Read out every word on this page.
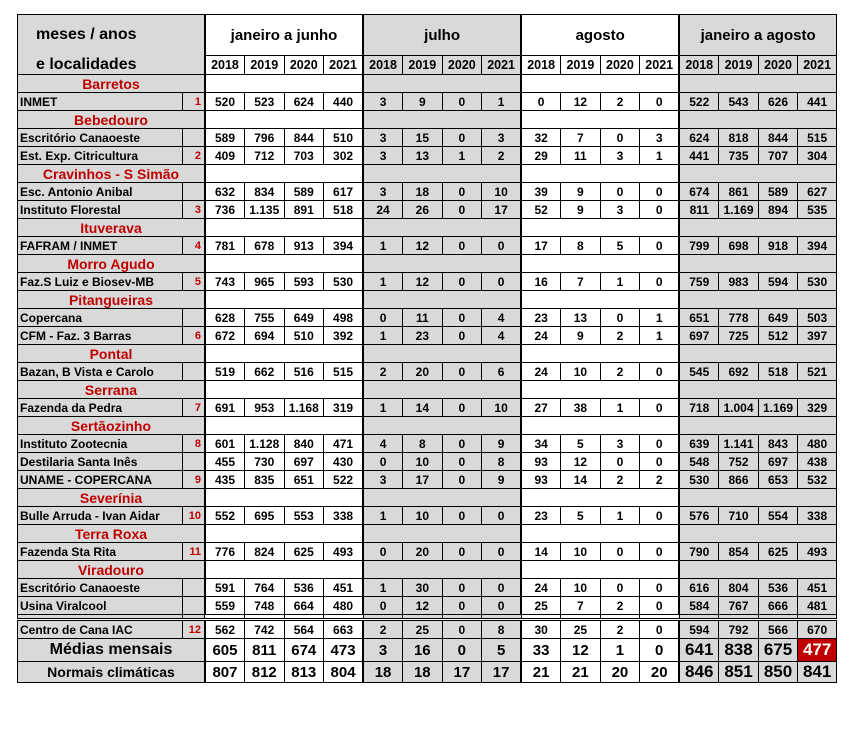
meses / anos		janeiro a junho				julho				agosto				janeiro a agosto			
e localidades		2018	2019	2020	2021	2018	2019	2020	2021	2018	2019	2020	2021	2018	2019	2020	2021
Barretos																	
INMET	1	520	523	624	440	3	9	0	1	0	12	2	0	522	543	626	441
Bebedouro																	
Escritório Canaoeste		589	796	844	510	3	15	0	3	32	7	0	3	624	818	844	515
Est. Exp. Citricultura	2	409	712	703	302	3	13	1	2	29	11	3	1	441	735	707	304
Cravinhos - S Simão																	
Esc. Antonio Anibal		632	834	589	617	3	18	0	10	39	9	0	0	674	861	589	627
Instituto Florestal	3	736	1.135	891	518	24	26	0	17	52	9	3	0	811	1.169	894	535
Ituverava																	
FAFRAM / INMET	4	781	678	913	394	1	12	0	0	17	8	5	0	799	698	918	394
Morro Agudo																	
Faz.S Luiz e Biosev-MB	5	743	965	593	530	1	12	0	0	16	7	1	0	759	983	594	530
Pitangueiras																	
Copercana		628	755	649	498	0	11	0	4	23	13	0	1	651	778	649	503
CFM - Faz. 3 Barras	6	672	694	510	392	1	23	0	4	24	9	2	1	697	725	512	397
Pontal																	
Bazan, B Vista e Carolo		519	662	516	515	2	20	0	6	24	10	2	0	545	692	518	521
Serrana																	
Fazenda da Pedra	7	691	953	1.168	319	1	14	0	10	27	38	1	0	718	1.004	1.169	329
Sertãozinho																	
Instituto Zootecnia	8	601	1.128	840	471	4	8	0	9	34	5	3	0	639	1.141	843	480
Destilaria Santa Inês		455	730	697	430	0	10	0	8	93	12	0	0	548	752	697	438
UNAME - COPERCANA	9	435	835	651	522	3	17	0	9	93	14	2	2	530	866	653	532
Severínia																	
Bulle Arruda - Ivan Aidar	10	552	695	553	338	1	10	0	0	23	5	1	0	576	710	554	338
Terra Roxa																	
Fazenda Sta Rita	11	776	824	625	493	0	20	0	0	14	10	0	0	790	854	625	493
Viradouro																	
Escritório Canaoeste		591	764	536	451	1	30	0	0	24	10	0	0	616	804	536	451
Usina Viralcool		559	748	664	480	0	12	0	0	25	7	2	0	584	767	666	481

Centro de Cana IAC	12	562	742	564	663	2	25	0	8	30	25	2	0	594	792	566	670
Médias mensais		605	811	674	473	3	16	0	5	33	12	1	0	641	838	675	477
Normais climáticas		807	812	813	804	18	18	17	17	21	21	20	20	846	851	850	841
